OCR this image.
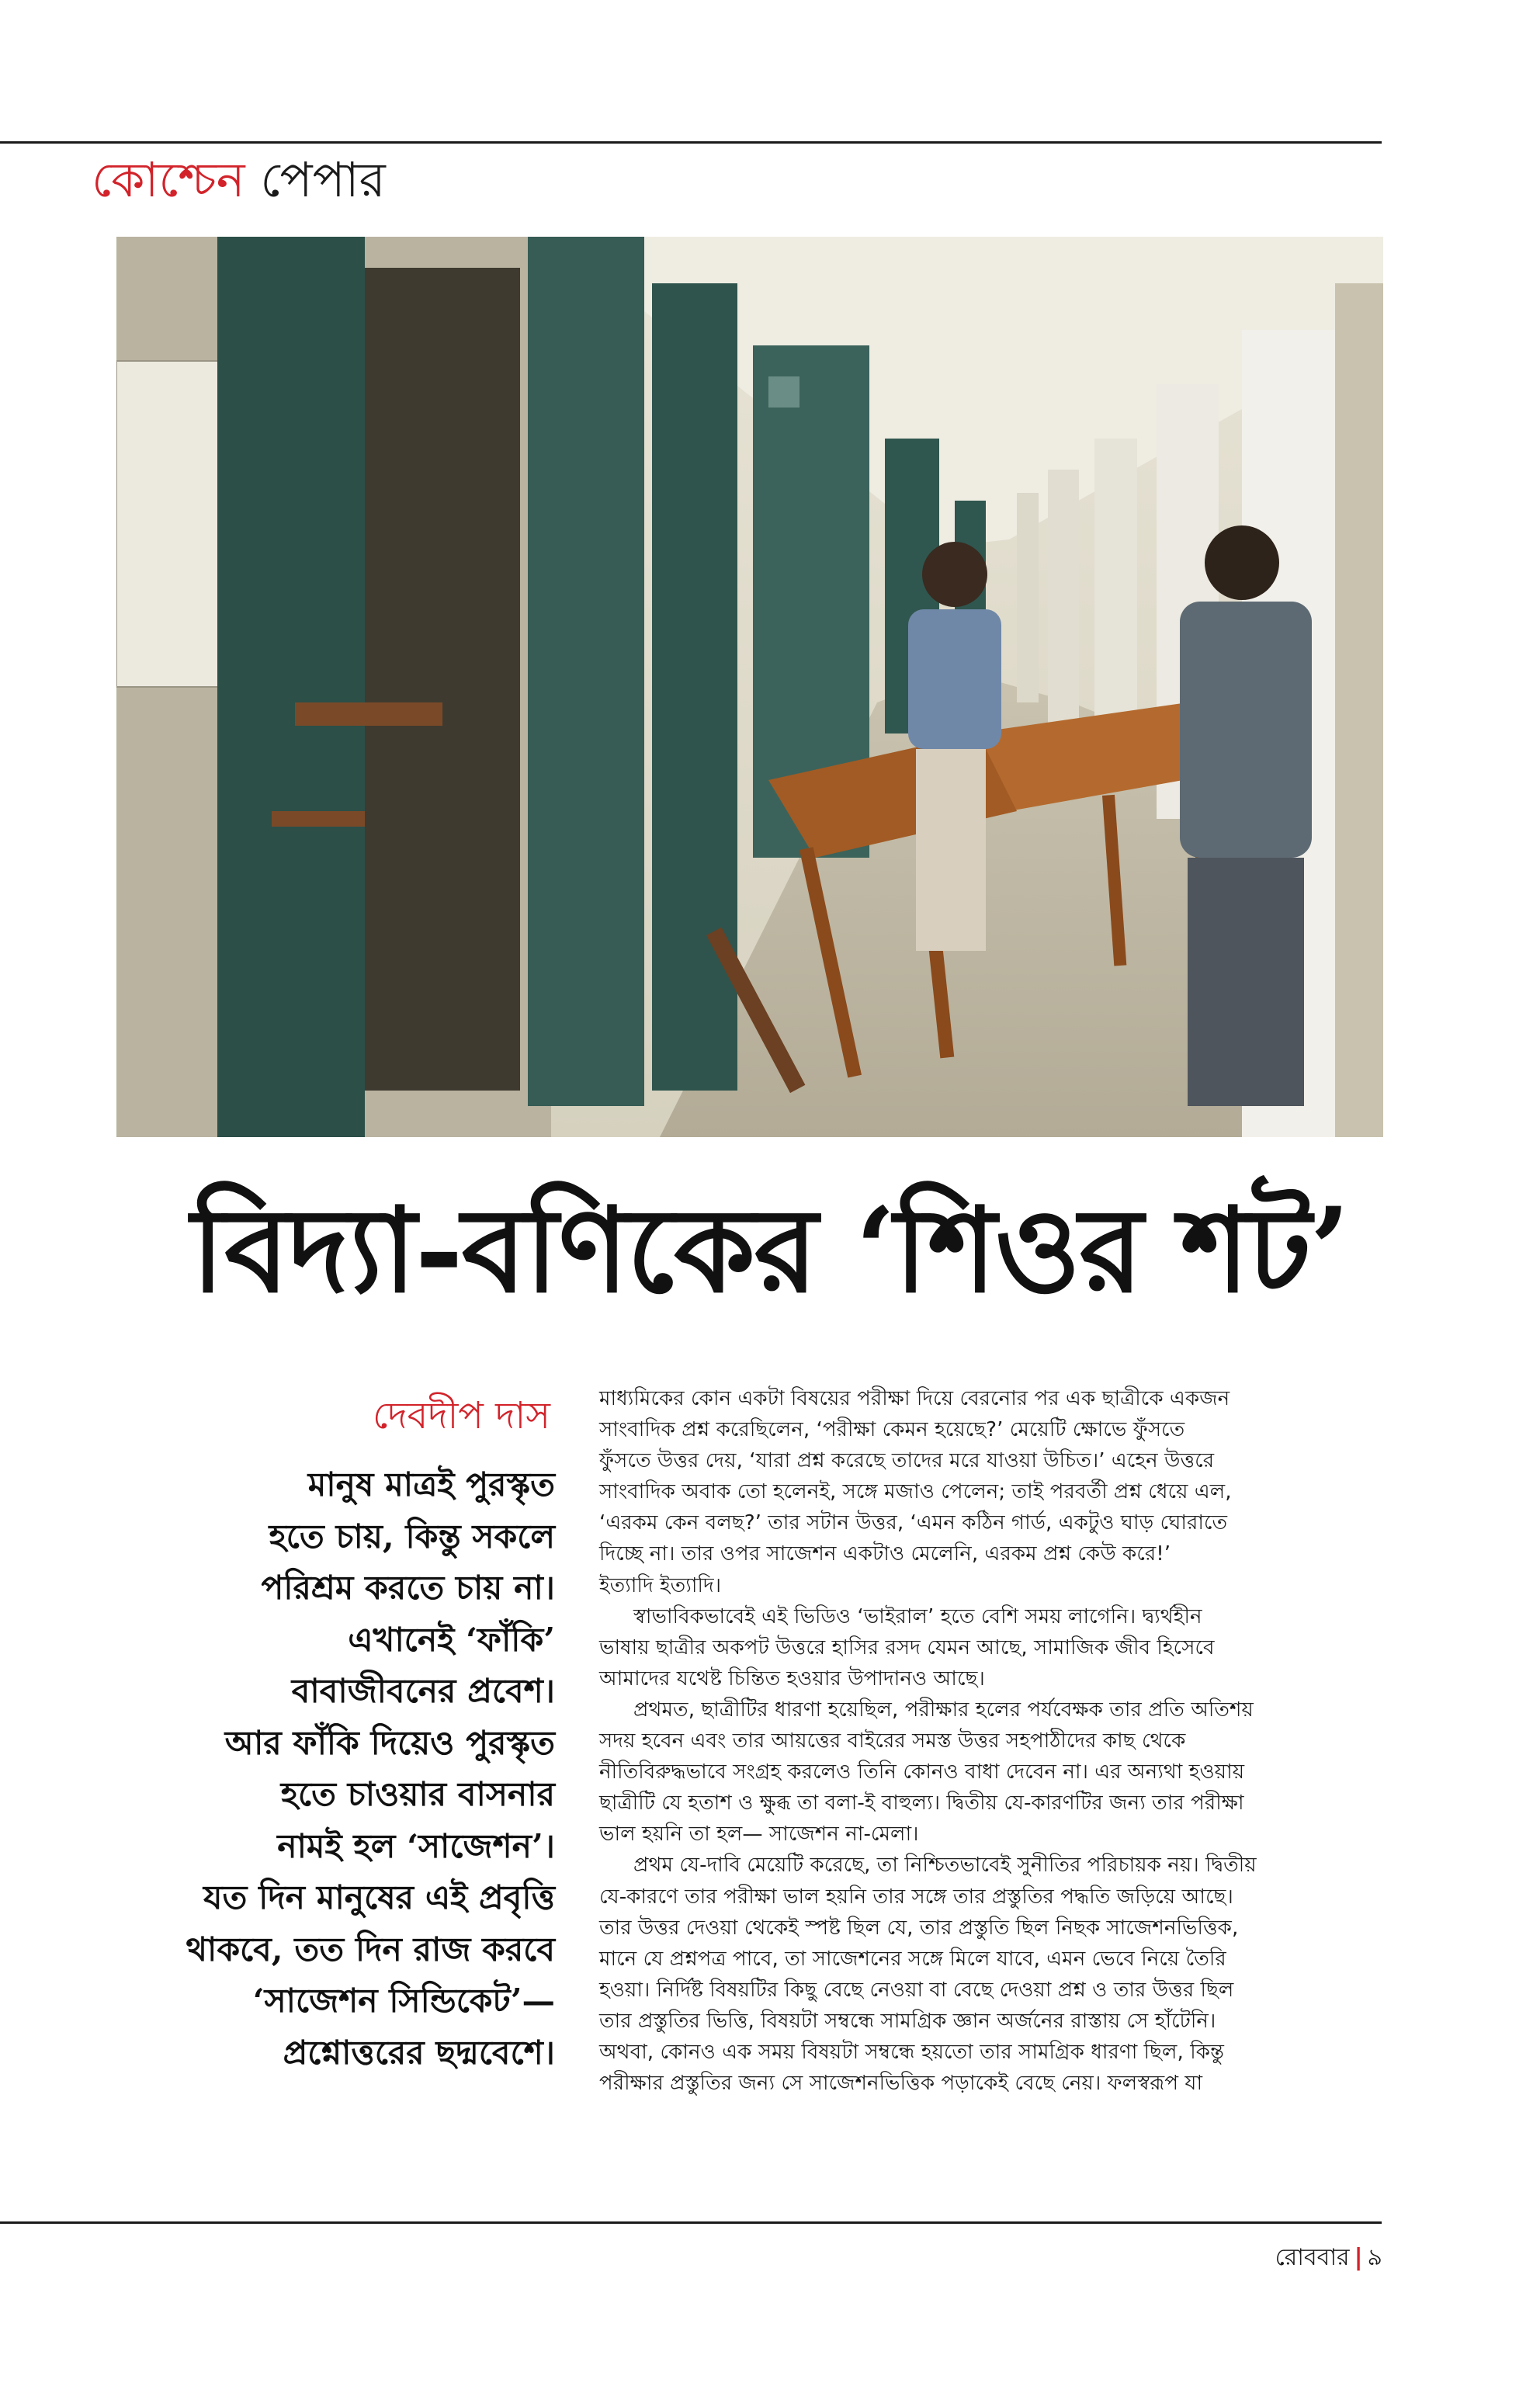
কোশ্চেন পেপার
বিদ্যা-বণিকের ‘শিওর শট’
দেবদীপ দাস
মানুষ মাত্রই পুরস্কৃত
হতে চায়, কিন্তু সকলে
পরিশ্রম করতে চায় না।
এখানেই ‘ফাঁকি’
বাবাজীবনের প্রবেশ।
আর ফাঁকি দিয়েও পুরস্কৃত
হতে চাওয়ার বাসনার
নামই হল ‘সাজেশন’।
যত দিন মানুষের এই প্রবৃত্তি
থাকবে, তত দিন রাজ করবে
‘সাজেশন সিন্ডিকেট’—
প্রশ্নোত্তরের ছদ্মবেশে।
মাধ্যমিকের কোন একটা বিষয়ের পরীক্ষা দিয়ে বেরনোর পর এক ছাত্রীকে একজন
সাংবাদিক প্রশ্ন করেছিলেন, ‘পরীক্ষা কেমন হয়েছে?’ মেয়েটি ক্ষোভে ফুঁসতে
ফুঁসতে উত্তর দেয়, ‘যারা প্রশ্ন করেছে তাদের মরে যাওয়া উচিত।’ এহেন উত্তরে
সাংবাদিক অবাক তো হলেনই, সঙ্গে মজাও পেলেন; তাই পরবর্তী প্রশ্ন ধেয়ে এল,
‘এরকম কেন বলছ?’ তার সটান উত্তর, ‘এমন কঠিন গার্ড, একটুও ঘাড় ঘোরাতে
দিচ্ছে না। তার ওপর সাজেশন একটাও মেলেনি, এরকম প্রশ্ন কেউ করে!’
ইত্যাদি ইত্যাদি।
স্বাভাবিকভাবেই এই ভিডিও ‘ভাইরাল’ হতে বেশি সময় লাগেনি। দ্ব্যর্থহীন
ভাষায় ছাত্রীর অকপট উত্তরে হাসির রসদ যেমন আছে, সামাজিক জীব হিসেবে
আমাদের যথেষ্ট চিন্তিত হওয়ার উপাদানও আছে।
প্রথমত, ছাত্রীটির ধারণা হয়েছিল, পরীক্ষার হলের পর্যবেক্ষক তার প্রতি অতিশয়
সদয় হবেন এবং তার আয়ত্তের বাইরের সমস্ত উত্তর সহপাঠীদের কাছ থেকে
নীতিবিরুদ্ধভাবে সংগ্রহ করলেও তিনি কোনও বাধা দেবেন না। এর অন্যথা হওয়ায়
ছাত্রীটি যে হতাশ ও ক্ষুব্ধ তা বলা-ই বাহুল্য। দ্বিতীয় যে-কারণটির জন্য তার পরীক্ষা
ভাল হয়নি তা হল— সাজেশন না-মেলা।
প্রথম যে-দাবি মেয়েটি করেছে, তা নিশ্চিতভাবেই সুনীতির পরিচায়ক নয়। দ্বিতীয়
যে-কারণে তার পরীক্ষা ভাল হয়নি তার সঙ্গে তার প্রস্তুতির পদ্ধতি জড়িয়ে আছে।
তার উত্তর দেওয়া থেকেই স্পষ্ট ছিল যে, তার প্রস্তুতি ছিল নিছক সাজেশনভিত্তিক,
মানে যে প্রশ্নপত্র পাবে, তা সাজেশনের সঙ্গে মিলে যাবে, এমন ভেবে নিয়ে তৈরি
হওয়া। নির্দিষ্ট বিষয়টির কিছু বেছে নেওয়া বা বেছে দেওয়া প্রশ্ন ও তার উত্তর ছিল
তার প্রস্তুতির ভিত্তি, বিষয়টা সম্বন্ধে সামগ্রিক জ্ঞান অর্জনের রাস্তায় সে হাঁটেনি।
অথবা, কোনও এক সময় বিষয়টা সম্বন্ধে হয়তো তার সামগ্রিক ধারণা ছিল, কিন্তু
পরীক্ষার প্রস্তুতির জন্য সে সাজেশনভিত্তিক পড়াকেই বেছে নেয়। ফলস্বরূপ যা
রোববার | ৯
